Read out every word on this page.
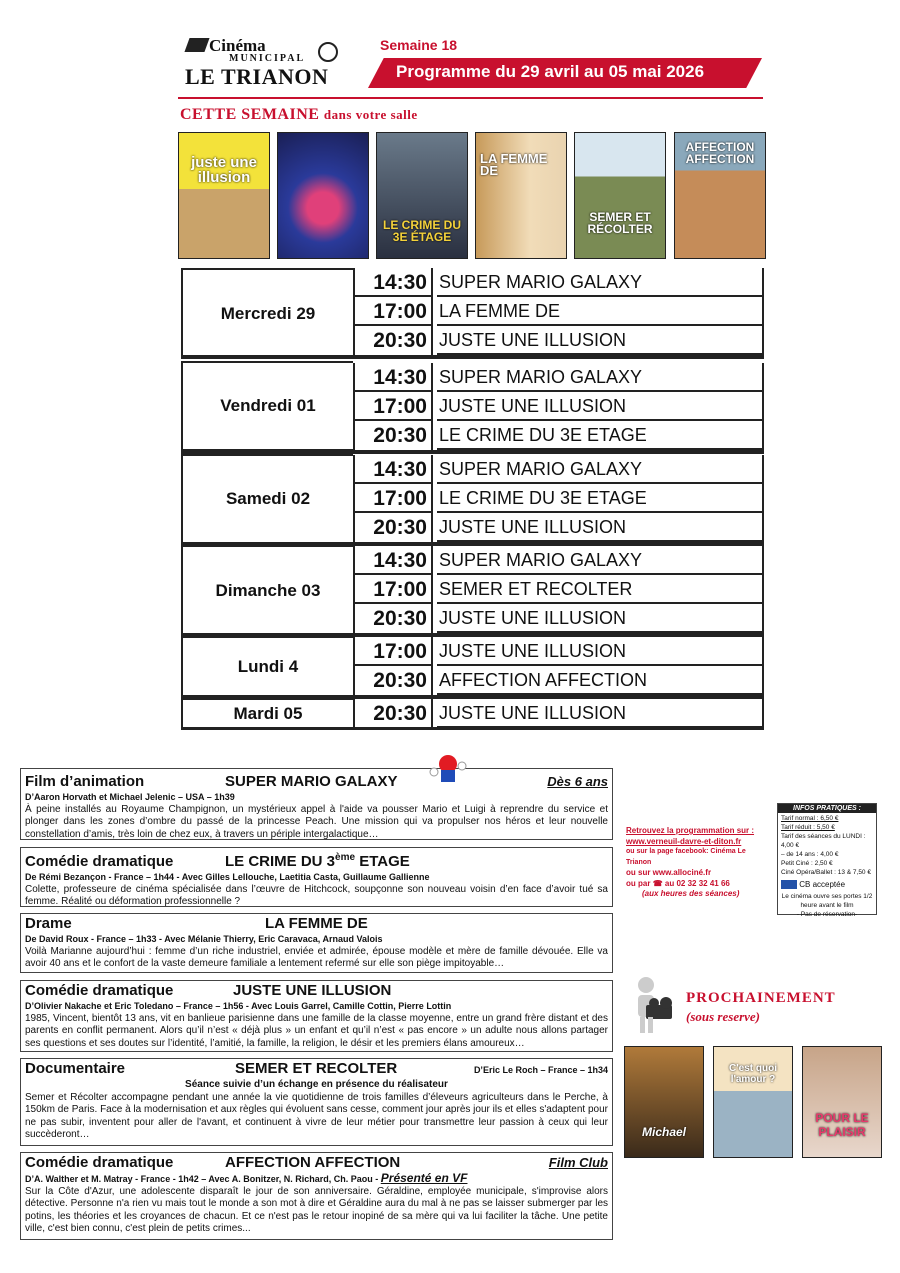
Cinéma
MUNICIPAL
LE TRIANON
Semaine 18
Programme du 29 avril au 05 mai 2026
CETTE SEMAINE dans votre salle
juste une illusion
LE CRIME DU 3E ÉTAGE
LA FEMME DE
SEMER ET RÉCOLTER
AFFECTION AFFECTION
Mercredi 29
14:30 SUPER MARIO GALAXY
17:00 LA FEMME DE
20:30 JUSTE UNE ILLUSION
Vendredi 01
14:30 SUPER MARIO GALAXY
17:00 JUSTE UNE ILLUSION
20:30 LE CRIME DU 3E ETAGE
Samedi 02
14:30 SUPER MARIO GALAXY
17:00 LE CRIME DU 3E ETAGE
20:30 JUSTE UNE ILLUSION
Dimanche 03
14:30 SUPER MARIO GALAXY
17:00 SEMER ET RECOLTER
20:30 JUSTE UNE ILLUSION
Lundi 4
17:00 JUSTE UNE ILLUSION
20:30 AFFECTION AFFECTION
Mardi 05	20:30 JUSTE UNE ILLUSION
Film d’animation	SUPER MARIO GALAXY	Dès 6 ans
D’Aaron Horvath et Michael Jelenic – USA – 1h39
À peine installés au Royaume Champignon, un mystérieux appel à l'aide va pousser Mario et Luigi à reprendre du service et plonger dans les zones d’ombre du passé de la princesse Peach. Une mission qui va propulser nos héros et leur nouvelle constellation d’amis, très loin de chez eux, à travers un périple intergalactique…
Comédie dramatique	LE CRIME DU 3ème ETAGE
De Rémi Bezançon - France – 1h44 - Avec Gilles Lellouche, Laetitia Casta, Guillaume Gallienne
Colette, professeure de cinéma spécialisée dans l’œuvre de Hitchcock, soupçonne son nouveau voisin d’en face d’avoir tué sa femme. Réalité ou déformation professionnelle ?
Drame	LA FEMME DE
De David Roux - France – 1h33 - Avec Mélanie Thierry, Eric Caravaca, Arnaud Valois
Voilà Marianne aujourd’hui : femme d’un riche industriel, enviée et admirée, épouse modèle et mère de famille dévouée. Elle va avoir 40 ans et le confort de la vaste demeure familiale a lentement refermé sur elle son piège impitoyable…
Comédie dramatique	JUSTE UNE ILLUSION
D’Olivier Nakache et Eric Toledano – France – 1h56 - Avec Louis Garrel, Camille Cottin, Pierre Lottin
1985, Vincent, bientôt 13 ans, vit en banlieue parisienne dans une famille de la classe moyenne, entre un grand frère distant et des parents en conflit permanent. Alors qu’il n’est « déjà plus » un enfant et qu’il n’est « pas encore » un adulte nous allons partager ses questions et ses doutes sur l’identité, l’amitié, la famille, la religion, le désir et les premiers élans amoureux…
Documentaire	SEMER ET RECOLTER	D’Eric Le Roch – France – 1h34
Séance suivie d’un échange en présence du réalisateur
Semer et Récolter accompagne pendant une année la vie quotidienne de trois familles d’éleveurs agriculteurs dans le Perche, à 150km de Paris. Face à la modernisation et aux règles qui évoluent sans cesse, comment jour après jour ils et elles s'adaptent pour ne pas subir, inventent pour aller de l'avant, et continuent à vivre de leur métier pour transmettre leur passion à ceux qui leur succèderont…
Comédie dramatique	AFFECTION AFFECTION	Film Club
D’A. Walther et M. Matray - France - 1h42 – Avec A. Bonitzer, N. Richard, Ch. Paou - Présenté en VF
Sur la Côte d'Azur, une adolescente disparaît le jour de son anniversaire. Géraldine, employée municipale, s'improvise alors détective. Personne n'a rien vu mais tout le monde a son mot à dire et Géraldine aura du mal à ne pas se laisser submerger par les potins, les théories et les croyances de chacun. Et ce n'est pas le retour inopiné de sa mère qui va lui faciliter la tâche. Une petite ville, c'est bien connu, c'est plein de petits crimes...
INFOS PRATIQUES :
Tarif normal : 6,50 €
Tarif réduit : 5,50 €
Tarif des séances du LUNDI : 4,00 €
– de 14 ans : 4,00 €
Petit Ciné : 2,50 €
Ciné Opéra/Ballet : 13 & 7,50 €
CB acceptée
Le cinéma ouvre ses portes 1/2 heure avant le film
- Pas de réservation-
Retrouvez la programmation sur :
www.verneuil-davre-et-diton.fr
ou sur la page facebook: Cinéma Le Trianon
ou sur www.allociné.fr
ou par ☎ au 02 32 32 41 66
(aux heures des séances)
PROCHAINEMENT
(sous reserve)
Michael
C'est quoi l'amour ?
POUR LE PLAISIR
